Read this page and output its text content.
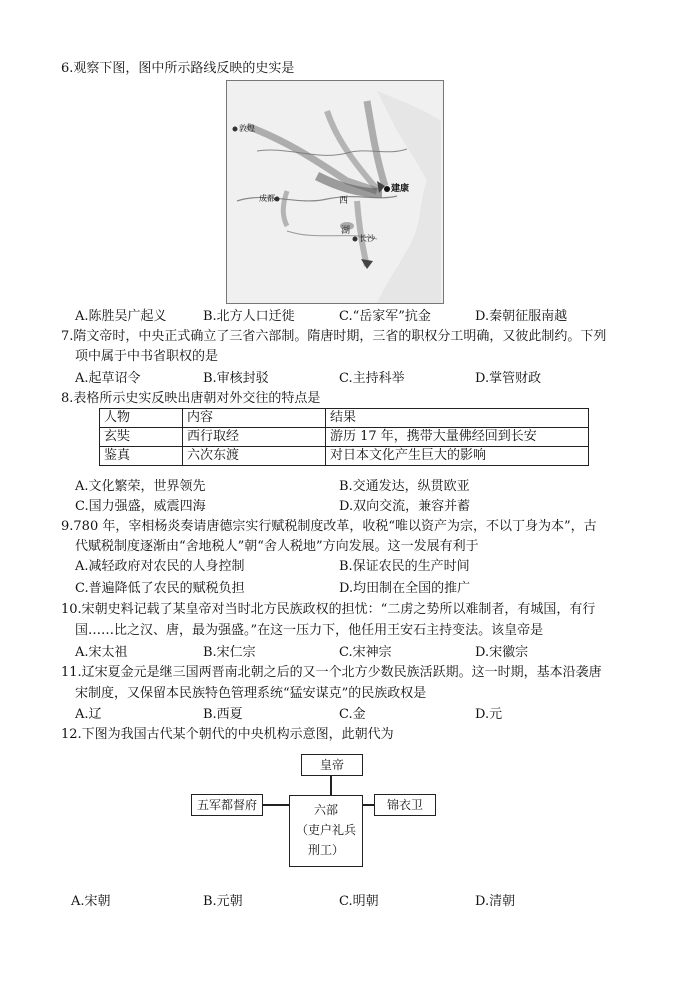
6.观察下图，图中所示路线反映的史实是
敦煌
建康
成都	西
湖
长沙
A.陈胜吴广起义	B.北方人口迁徙	C.“岳家军”抗金	D.秦朝征服南越
7.隋文帝时，中央正式确立了三省六部制。隋唐时期，三省的职权分工明确，又彼此制约。下列
项中属于中书省职权的是
A.起草诏令	B.审核封驳	C.主持科举	D.掌管财政
8.表格所示史实反映出唐朝对外交往的特点是
人物	内容	结果
玄奘	西行取经	游历 17 年，携带大量佛经回到长安
鉴真	六次东渡	对日本文化产生巨大的影响
A.文化繁荣，世界领先	B.交通发达，纵贯欧亚
C.国力强盛，威震四海	D.双向交流，兼容并蓄
9.780 年，宰相杨炎奏请唐德宗实行赋税制度改革，收税“唯以资产为宗，不以丁身为本”，古
代赋税制度逐渐由“舍地税人”朝“舍人税地”方向发展。这一发展有利于
A.减轻政府对农民的人身控制	B.保证农民的生产时间
C.普遍降低了农民的赋税负担	D.均田制在全国的推广
10.宋朝史料记载了某皇帝对当时北方民族政权的担忧：“二虏之势所以难制者，有城国，有行
国……比之汉、唐，最为强盛。”在这一压力下，他任用王安石主持变法。该皇帝是
A.宋太祖	B.宋仁宗	C.宋神宗	D.宋徽宗
11.辽宋夏金元是继三国两晋南北朝之后的又一个北方少数民族活跃期。这一时期，基本沿袭唐
宋制度，又保留本民族特色管理系统“猛安谋克”的民族政权是
A.辽	B.西夏	C.金	D.元
12.下图为我国古代某个朝代的中央机构示意图，此朝代为
皇帝
五军都督府	六部
（吏户礼兵
刑工）
锦衣卫
A.宋朝	B.元朝	C.明朝	D.清朝
